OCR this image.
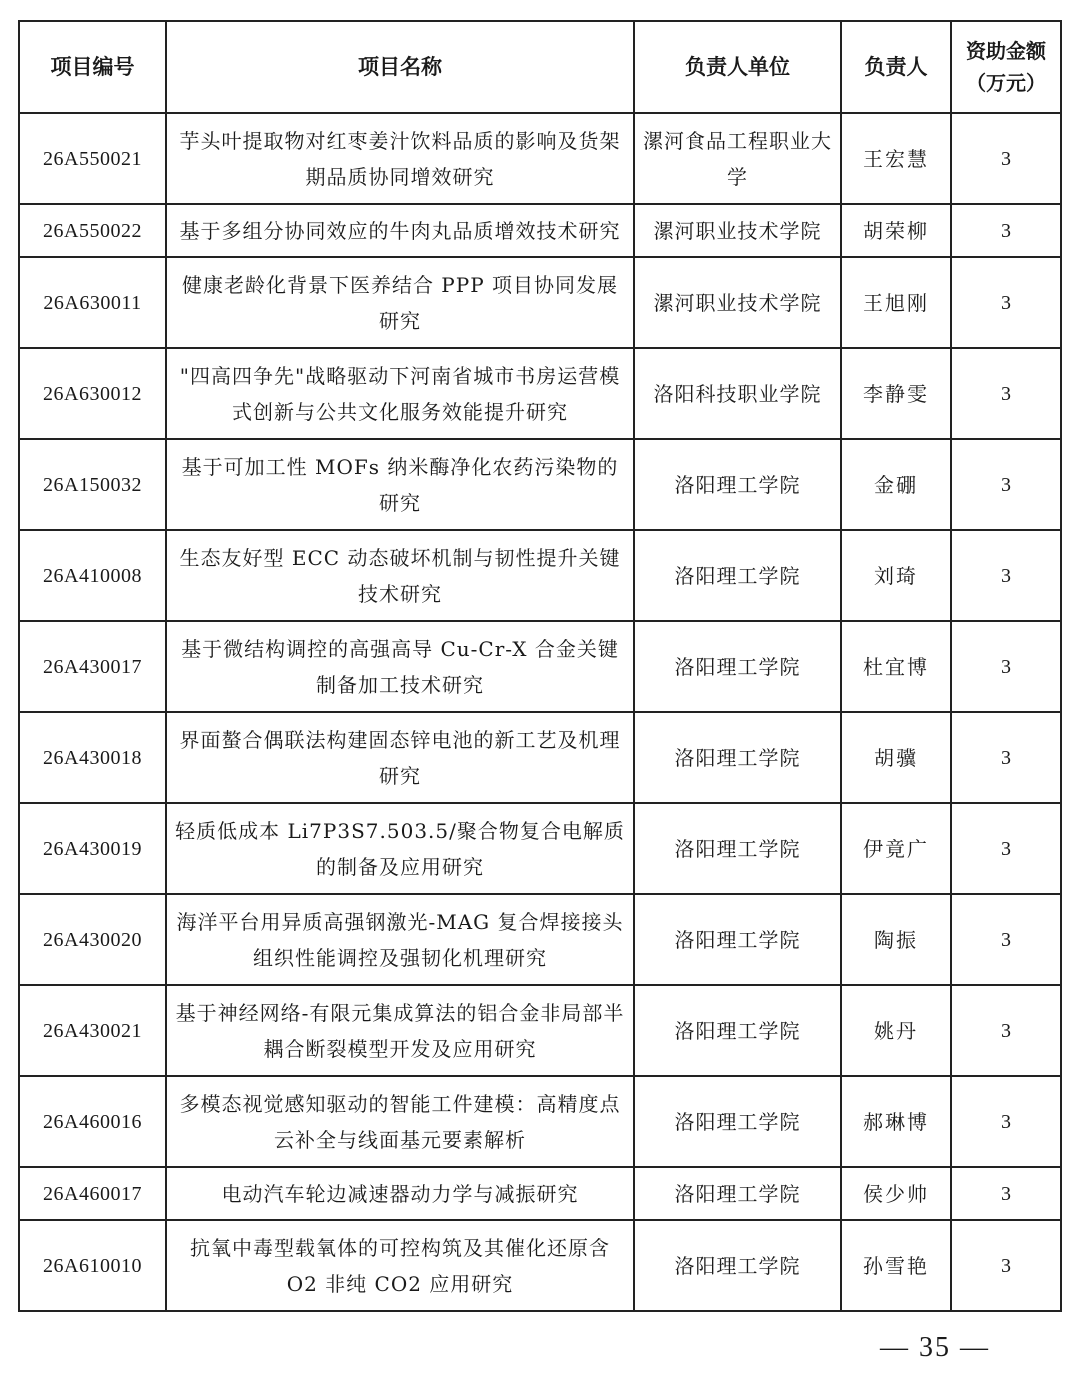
项目编号	项目名称	负责人单位	负责人	资助金额（万元）
26A550021	芋头叶提取物对红枣姜汁饮料品质的影响及货架期品质协同增效研究	漯河食品工程职业大学	王宏慧	3
26A550022	基于多组分协同效应的牛肉丸品质增效技术研究	漯河职业技术学院	胡荣柳	3
26A630011	健康老龄化背景下医养结合 PPP 项目协同发展研究	漯河职业技术学院	王旭刚	3
26A630012	"四高四争先"战略驱动下河南省城市书房运营模式创新与公共文化服务效能提升研究	洛阳科技职业学院	李静雯	3
26A150032	基于可加工性 MOFs 纳米酶净化农药污染物的研究	洛阳理工学院	金硼	3
26A410008	生态友好型 ECC 动态破坏机制与韧性提升关键技术研究	洛阳理工学院	刘琦	3
26A430017	基于微结构调控的高强高导 Cu-Cr-X 合金关键制备加工技术研究	洛阳理工学院	杜宜博	3
26A430018	界面螯合偶联法构建固态锌电池的新工艺及机理研究	洛阳理工学院	胡骥	3
26A430019	轻质低成本 Li7P3S7.503.5/聚合物复合电解质的制备及应用研究	洛阳理工学院	伊竟广	3
26A430020	海洋平台用异质高强钢激光-MAG 复合焊接接头组织性能调控及强韧化机理研究	洛阳理工学院	陶振	3
26A430021	基于神经网络-有限元集成算法的铝合金非局部半耦合断裂模型开发及应用研究	洛阳理工学院	姚丹	3
26A460016	多模态视觉感知驱动的智能工件建模：高精度点云补全与线面基元要素解析	洛阳理工学院	郝琳博	3
26A460017	电动汽车轮边减速器动力学与减振研究	洛阳理工学院	侯少帅	3
26A610010	抗氧中毒型载氧体的可控构筑及其催化还原含 O2 非纯 CO2 应用研究	洛阳理工学院	孙雪艳	3
— 35 —
